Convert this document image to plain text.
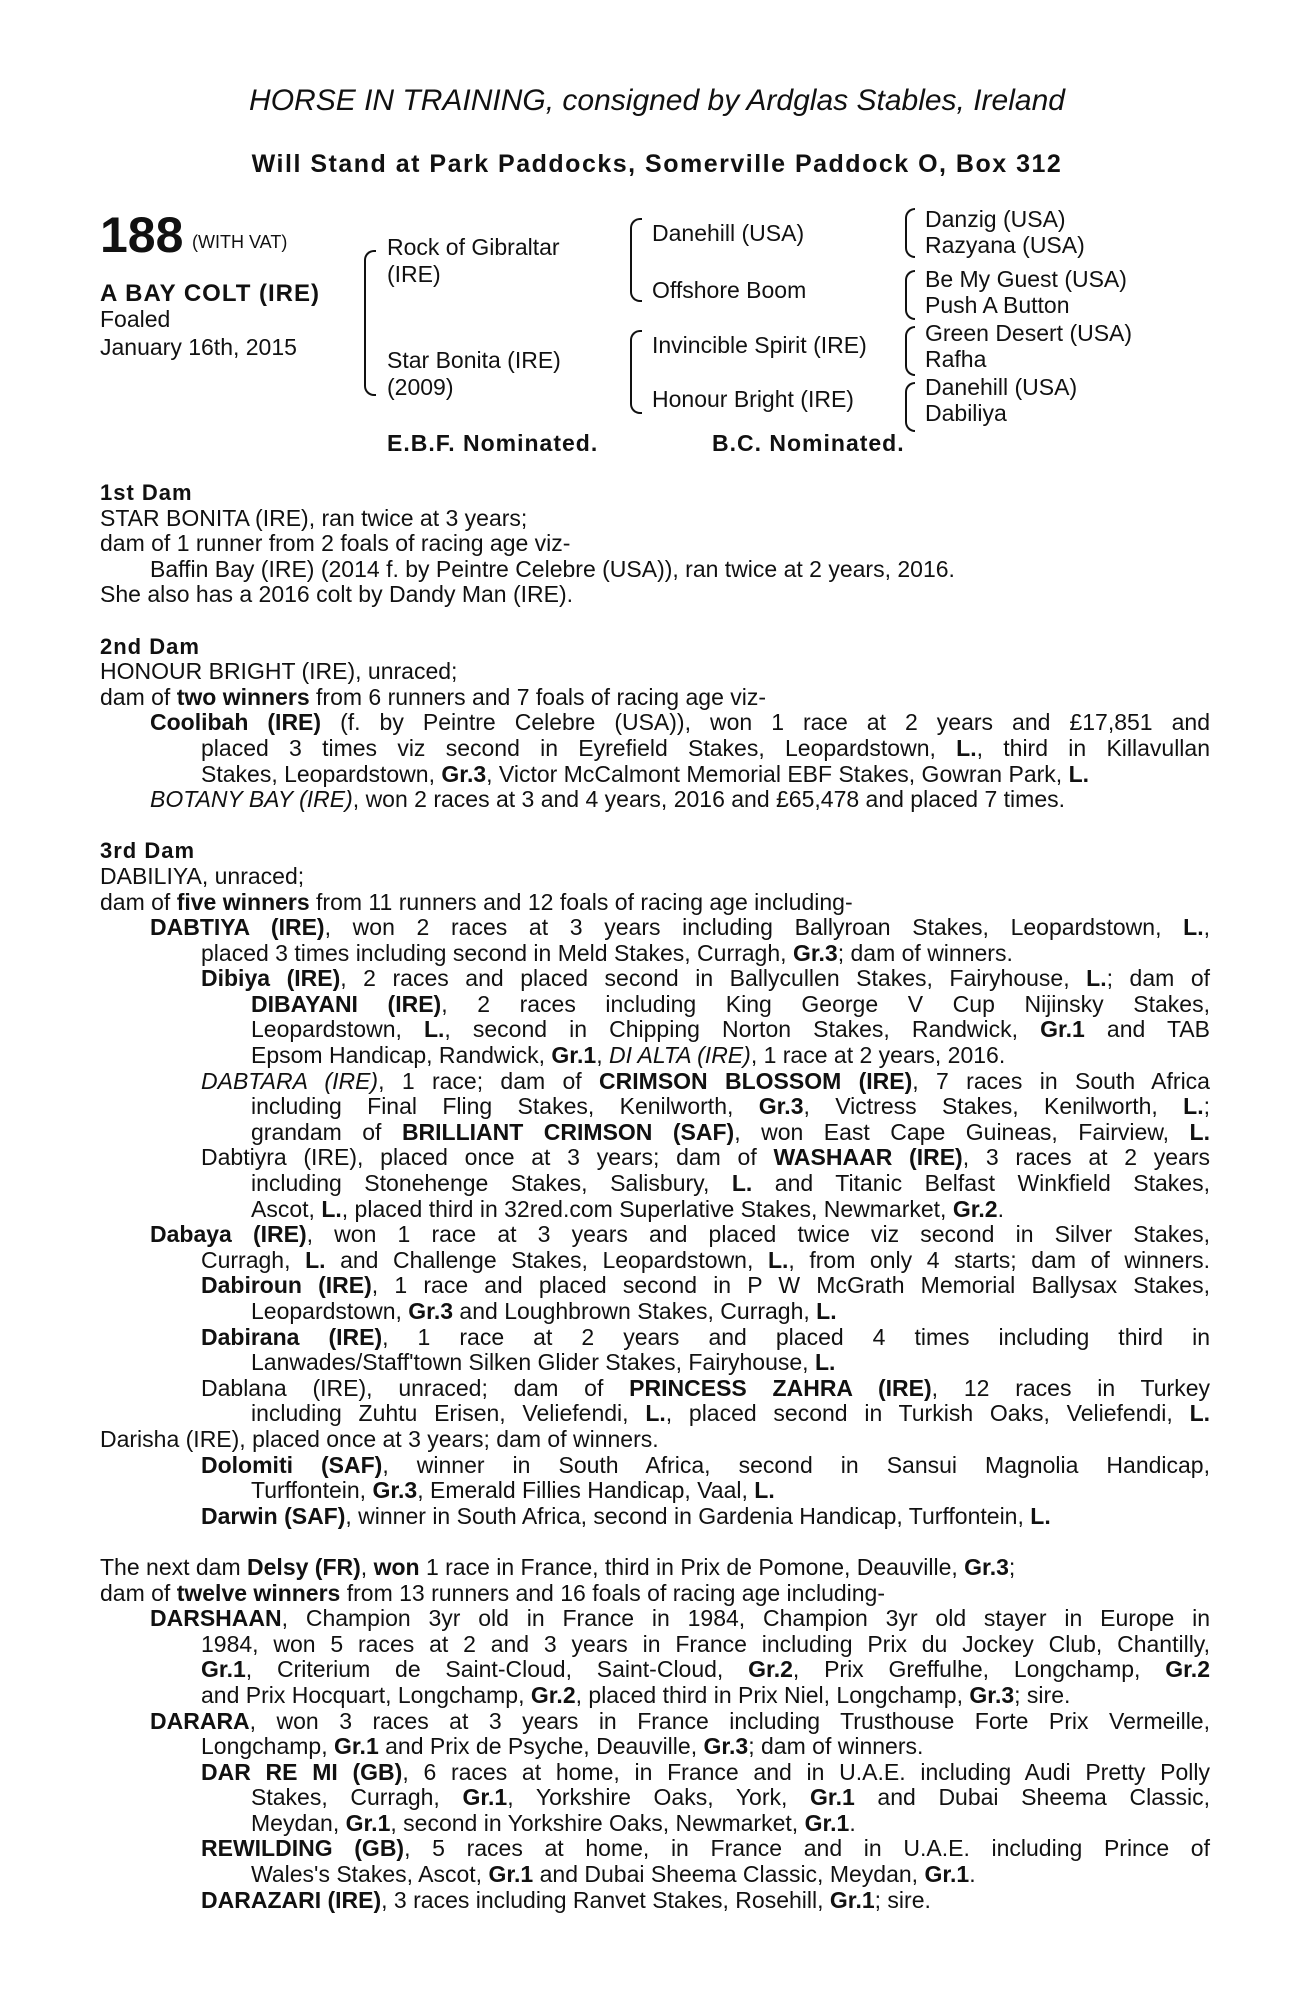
HORSE IN TRAINING, consigned by Ardglas Stables, Ireland
Will Stand at Park Paddocks, Somerville Paddock O, Box 312
188 (WITH VAT)
A BAY COLT (IRE)
Foaled
January 16th, 2015
Rock of Gibraltar
(IRE)
Star Bonita (IRE)
(2009)
Danehill (USA)
Offshore Boom
Invincible Spirit (IRE)
Honour Bright (IRE)
Danzig (USA)
Razyana (USA)
Be My Guest (USA)
Push A Button
Green Desert (USA)
Rafha
Danehill (USA)
Dabiliya
E.B.F. Nominated.	B.C. Nominated.
1st Dam
STAR BONITA (IRE), ran twice at 3 years;
dam of 1 runner from 2 foals of racing age viz-
Baffin Bay (IRE) (2014 f. by Peintre Celebre (USA)), ran twice at 2 years, 2016.
She also has a 2016 colt by Dandy Man (IRE).
2nd Dam
HONOUR BRIGHT (IRE), unraced;
dam of two winners from 6 runners and 7 foals of racing age viz-
Coolibah (IRE) (f. by Peintre Celebre (USA)), won 1 race at 2 years and £17,851 and
placed 3 times viz second in Eyrefield Stakes, Leopardstown, L., third in Killavullan
Stakes, Leopardstown, Gr.3, Victor McCalmont Memorial EBF Stakes, Gowran Park, L.
BOTANY BAY (IRE), won 2 races at 3 and 4 years, 2016 and £65,478 and placed 7 times.
3rd Dam
DABILIYA, unraced;
dam of five winners from 11 runners and 12 foals of racing age including-
DABTIYA (IRE), won 2 races at 3 years including Ballyroan Stakes, Leopardstown, L.,
placed 3 times including second in Meld Stakes, Curragh, Gr.3; dam of winners.
Dibiya (IRE), 2 races and placed second in Ballycullen Stakes, Fairyhouse, L.; dam of
DIBAYANI (IRE), 2 races including King George V Cup Nijinsky Stakes,
Leopardstown, L., second in Chipping Norton Stakes, Randwick, Gr.1 and TAB
Epsom Handicap, Randwick, Gr.1, DI ALTA (IRE), 1 race at 2 years, 2016.
DABTARA (IRE), 1 race; dam of CRIMSON BLOSSOM (IRE), 7 races in South Africa
including Final Fling Stakes, Kenilworth, Gr.3, Victress Stakes, Kenilworth, L.;
grandam of BRILLIANT CRIMSON (SAF), won East Cape Guineas, Fairview, L.
Dabtiyra (IRE), placed once at 3 years; dam of WASHAAR (IRE), 3 races at 2 years
including Stonehenge Stakes, Salisbury, L. and Titanic Belfast Winkfield Stakes,
Ascot, L., placed third in 32red.com Superlative Stakes, Newmarket, Gr.2.
Dabaya (IRE), won 1 race at 3 years and placed twice viz second in Silver Stakes,
Curragh, L. and Challenge Stakes, Leopardstown, L., from only 4 starts; dam of winners.
Dabiroun (IRE), 1 race and placed second in P W McGrath Memorial Ballysax Stakes,
Leopardstown, Gr.3 and Loughbrown Stakes, Curragh, L.
Dabirana (IRE), 1 race at 2 years and placed 4 times including third in
Lanwades/Staff'town Silken Glider Stakes, Fairyhouse, L.
Dablana (IRE), unraced; dam of PRINCESS ZAHRA (IRE), 12 races in Turkey
including Zuhtu Erisen, Veliefendi, L., placed second in Turkish Oaks, Veliefendi, L.
Darisha (IRE), placed once at 3 years; dam of winners.
Dolomiti (SAF), winner in South Africa, second in Sansui Magnolia Handicap,
Turffontein, Gr.3, Emerald Fillies Handicap, Vaal, L.
Darwin (SAF), winner in South Africa, second in Gardenia Handicap, Turffontein, L.
The next dam Delsy (FR), won 1 race in France, third in Prix de Pomone, Deauville, Gr.3;
dam of twelve winners from 13 runners and 16 foals of racing age including-
DARSHAAN, Champion 3yr old in France in 1984, Champion 3yr old stayer in Europe in
1984, won 5 races at 2 and 3 years in France including Prix du Jockey Club, Chantilly,
Gr.1, Criterium de Saint-Cloud, Saint-Cloud, Gr.2, Prix Greffulhe, Longchamp, Gr.2
and Prix Hocquart, Longchamp, Gr.2, placed third in Prix Niel, Longchamp, Gr.3; sire.
DARARA, won 3 races at 3 years in France including Trusthouse Forte Prix Vermeille,
Longchamp, Gr.1 and Prix de Psyche, Deauville, Gr.3; dam of winners.
DAR RE MI (GB), 6 races at home, in France and in U.A.E. including Audi Pretty Polly
Stakes, Curragh, Gr.1, Yorkshire Oaks, York, Gr.1 and Dubai Sheema Classic,
Meydan, Gr.1, second in Yorkshire Oaks, Newmarket, Gr.1.
REWILDING (GB), 5 races at home, in France and in U.A.E. including Prince of
Wales's Stakes, Ascot, Gr.1 and Dubai Sheema Classic, Meydan, Gr.1.
DARAZARI (IRE), 3 races including Ranvet Stakes, Rosehill, Gr.1; sire.
